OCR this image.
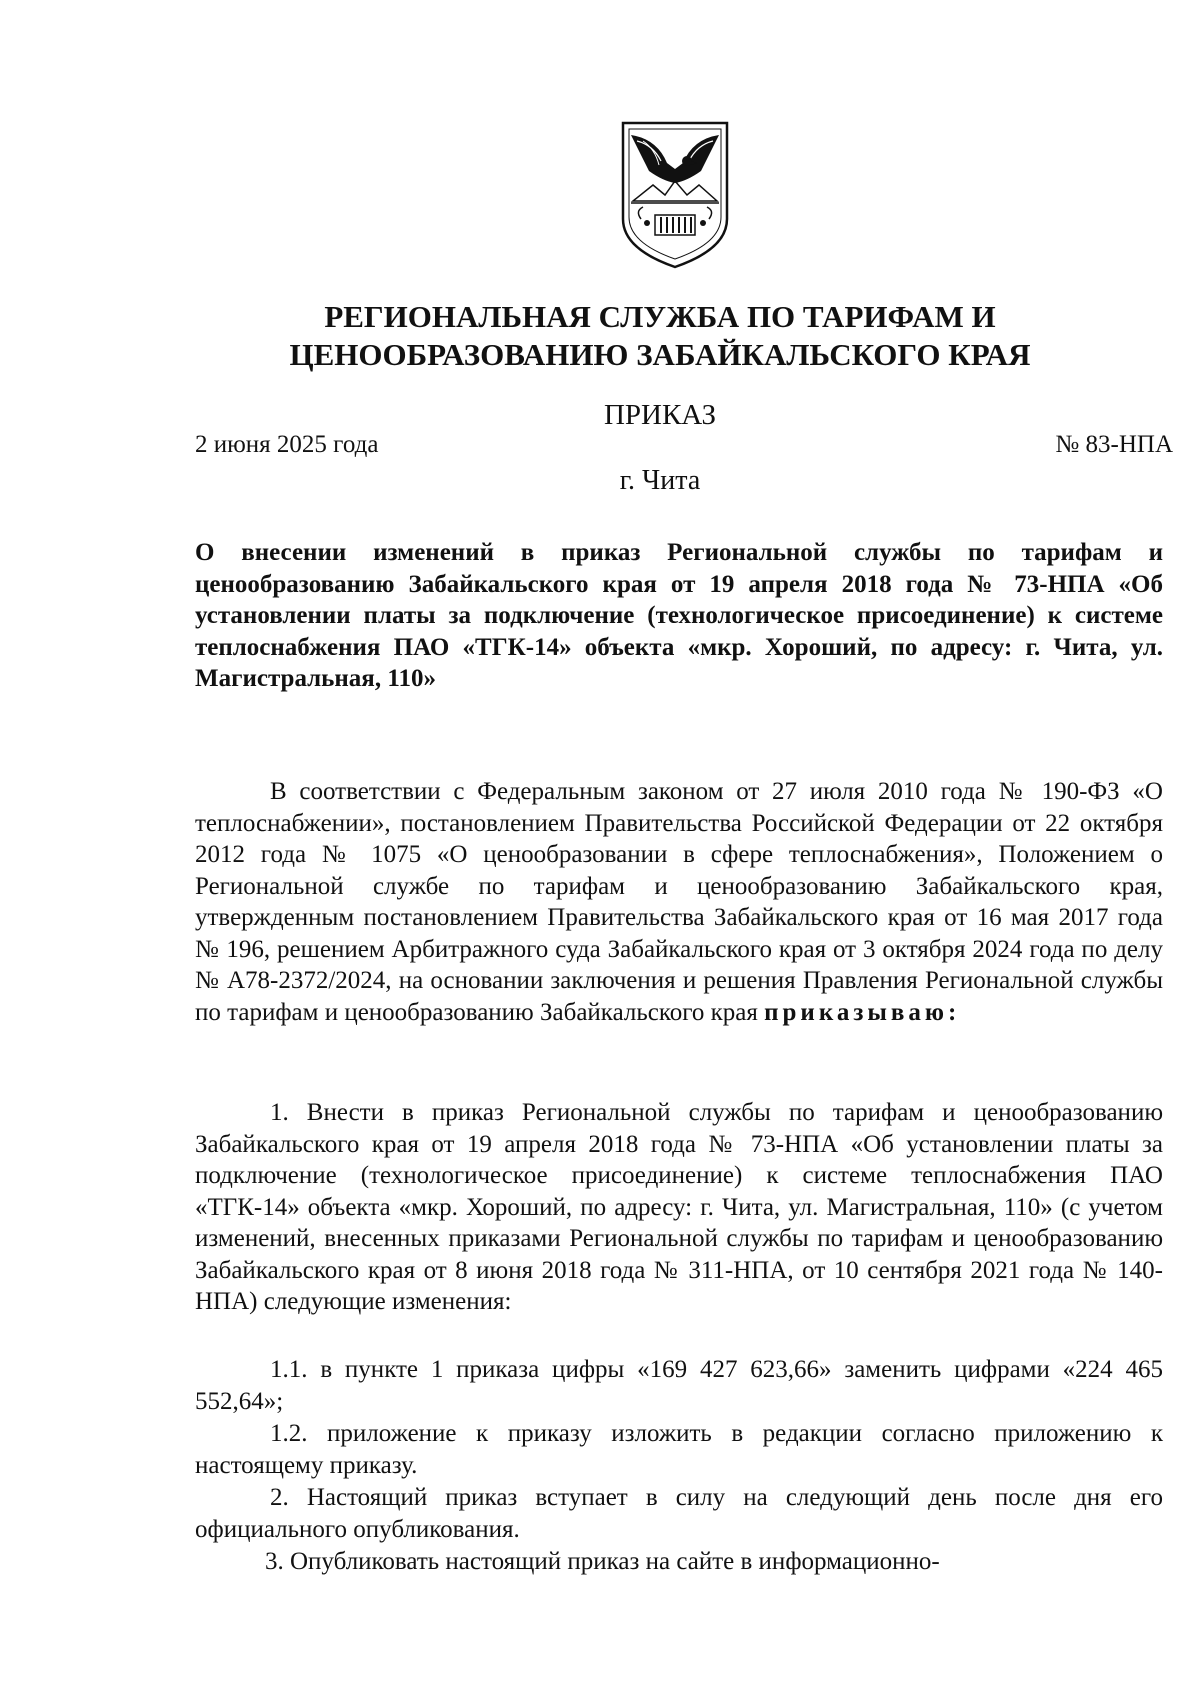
РЕГИОНАЛЬНАЯ СЛУЖБА ПО ТАРИФАМ И
ЦЕНООБРАЗОВАНИЮ ЗАБАЙКАЛЬСКОГО КРАЯ
ПРИКАЗ
2 июня 2025 года	№ 83-НПА
г. Чита
О внесении изменений в приказ Региональной службы по тарифам и ценообразованию Забайкальского края от 19 апреля 2018 года № 73-НПА «Об установлении платы за подключение (технологическое присоединение) к системе теплоснабжения ПАО «ТГК-14» объекта «мкр. Хороший, по адресу: г. Чита, ул. Магистральная, 110»
В соответствии с Федеральным законом от 27 июля 2010 года № 190-ФЗ «О теплоснабжении», постановлением Правительства Российской Федерации от 22 октября 2012 года № 1075 «О ценообразовании в сфере теплоснабжения», Положением о Региональной службе по тарифам и ценообразованию Забайкальского края, утвержденным постановлением Правительства Забайкальского края от 16 мая 2017 года № 196, решением Арбитражного суда Забайкальского края от 3 октября 2024 года по делу № А78-2372/2024, на основании заключения и решения Правления Региональной службы по тарифам и ценообразованию Забайкальского края приказываю:
1. Внести в приказ Региональной службы по тарифам и ценообразованию Забайкальского края от 19 апреля 2018 года № 73-НПА «Об установлении платы за подключение (технологическое присоединение) к системе теплоснабжения ПАО «ТГК-14» объекта «мкр. Хороший, по адресу: г. Чита, ул. Магистральная, 110» (с учетом изменений, внесенных приказами Региональной службы по тарифам и ценообразованию Забайкальского края от 8 июня 2018 года № 311-НПА, от 10 сентября 2021 года № 140-НПА) следующие изменения:
1.1. в пункте 1 приказа цифры «169 427 623,66» заменить цифрами «224 465 552,64»;
1.2. приложение к приказу изложить в редакции согласно приложению к настоящему приказу.
2. Настоящий приказ вступает в силу на следующий день после дня его официального опубликования.
3. Опубликовать настоящий приказ на сайте в информационно-
